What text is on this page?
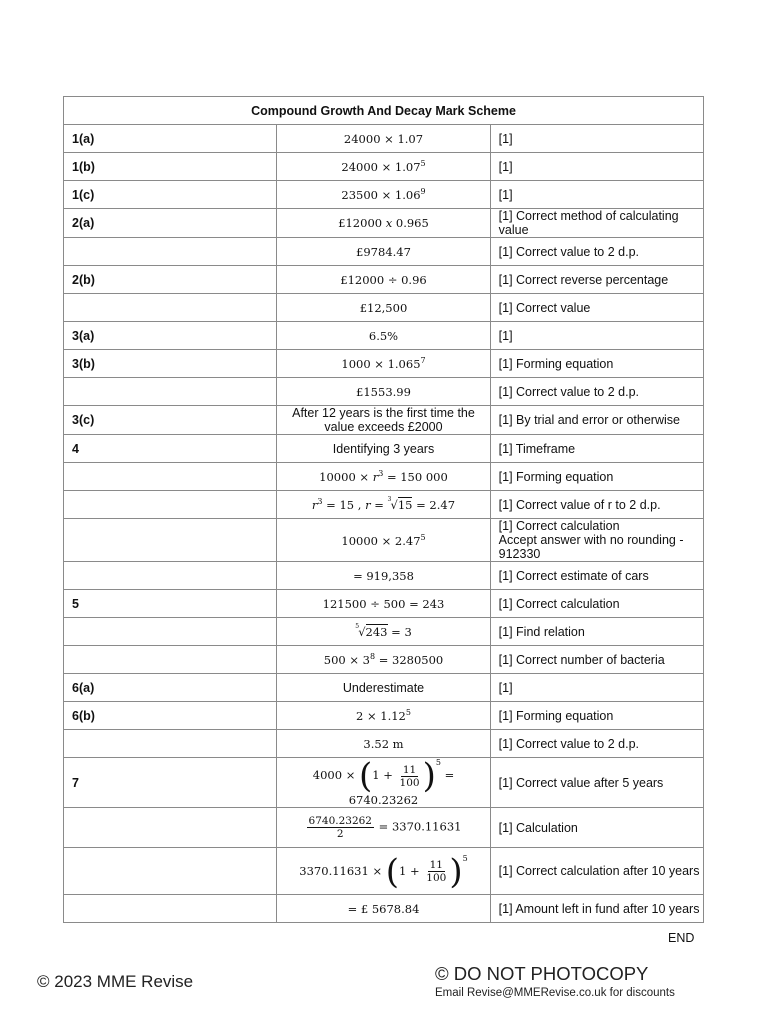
Compound Growth And Decay Mark Scheme		
1(a)	24000 × 1.07	[1]
1(b)	$24000 \times 1.07^5$	[1]
1(c)	$23500 \times 1.06^9$	[1]
2(a)	£12000 x 0.965	[1] Correct method of calculating value
	£9784.47	[1] Correct value to 2 d.p.
2(b)	£12000 ÷ 0.96	[1] Correct reverse percentage
	£12,500	[1] Correct value
3(a)	6.5%	[1]
3(b)	$1000 \times 1.065^7$	[1] Forming equation
	£1553.99	[1] Correct value to 2 d.p.
3(c)	After 12 years is the first time the value exceeds £2000	[1] By trial and error or otherwise
4	Identifying 3 years	[1] Timeframe
	$10000 \times r^3 = 150$ 000	[1] Forming equation
	$r^3 = 15$ , r = 3 √15 = 2.47	[1] Correct value of r to 2 d.p.
	$10000 \times 2.47^5$	[1] Correct calculation
Accept answer with no rounding - 912330

	= 919,358	[1] Correct estimate of cars
5	121500 ÷ 500 = 243	[1] Correct calculation

	5 √243 = 3	[1] Find relation
	$500 \times 3^8 = 3280500$	[1] Correct number of bacteria
6(a)	Underestimate	[1]
6(b)	$2 \times 1.12^5$	[1] Forming equation
	3.52 m	[1] Correct value to 2 d.p.
7	$4000 \times (1 + \frac{11}{100} )^5 = 6740.23262$	[1] Correct value after 5 years

	$\frac{6740.23262}{2} = 3370.11631$	[1] Calculation
	$3370.11631 \times (1 + \frac{11}{100} )^5$	[1] Correct calculation after 10 years
	= £ 5678.84	[1] Amount left in fund after 10 years
END
© 2023 MME Revise	© DO NOT PHOTOCOPY
Email Revise@MMERevise.co.uk for discounts
